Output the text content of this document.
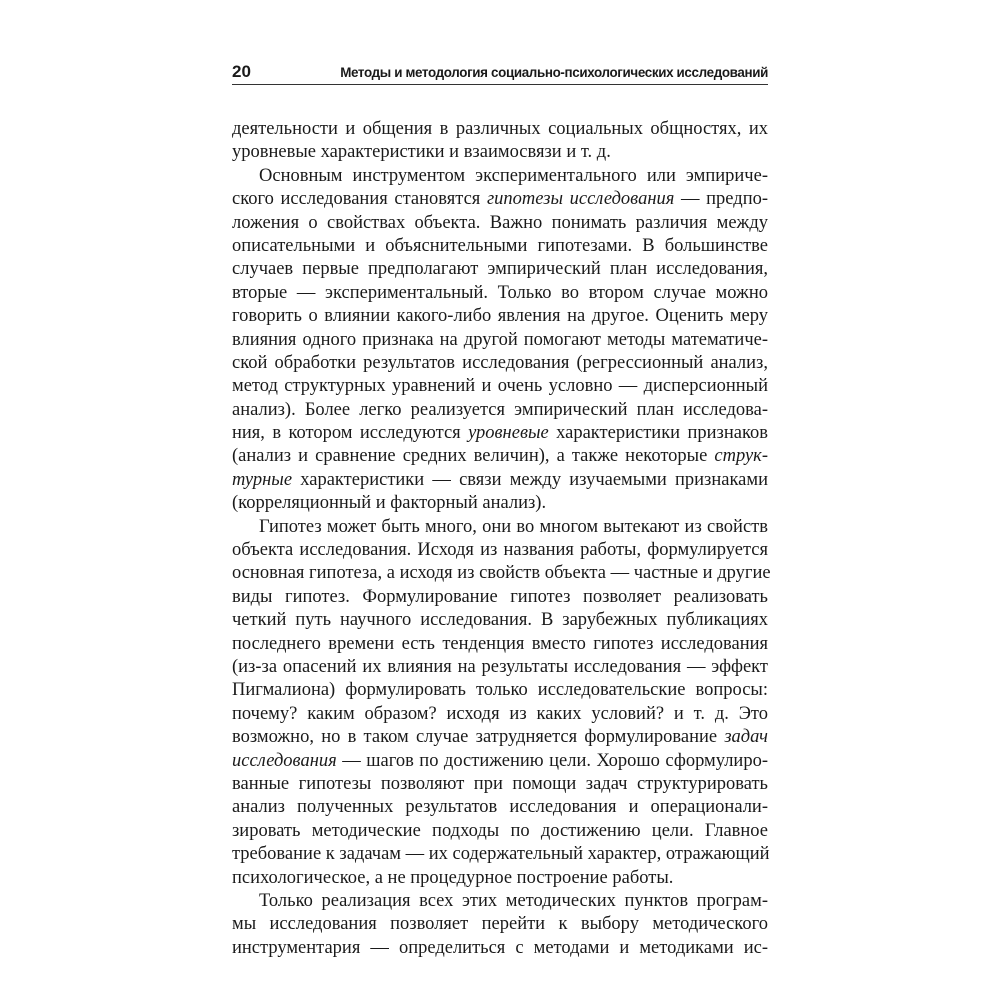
20	Методы и методология социально-психологических исследований
деятельности и общения в различных социальных общностях, их
уровневые характеристики и взаимосвязи и т. д.
Основным инструментом экспериментального или эмпириче-
ского исследования становятся гипотезы исследования — предпо-
ложения о свойствах объекта. Важно понимать различия между
описательными и объяснительными гипотезами. В большинстве
случаев первые предполагают эмпирический план исследования,
вторые — экспериментальный. Только во втором случае можно
говорить о влиянии какого-либо явления на другое. Оценить меру
влияния одного признака на другой помогают методы математиче-
ской обработки результатов исследования (регрессионный анализ,
метод структурных уравнений и очень условно — дисперсионный
анализ). Более легко реализуется эмпирический план исследова-
ния, в котором исследуются уровневые характеристики признаков
(анализ и сравнение средних величин), а также некоторые струк-
турные характеристики — связи между изучаемыми признаками
(корреляционный и факторный анализ).
Гипотез может быть много, они во многом вытекают из свойств
объекта исследования. Исходя из названия работы, формулируется
основная гипотеза, а исходя из свойств объекта — частные и другие
виды гипотез. Формулирование гипотез позволяет реализовать
четкий путь научного исследования. В зарубежных публикациях
последнего времени есть тенденция вместо гипотез исследования
(из-за опасений их влияния на результаты исследования — эффект
Пигмалиона) формулировать только исследовательские вопросы:
почему? каким образом? исходя из каких условий? и т. д. Это
возможно, но в таком случае затрудняется формулирование задач
исследования — шагов по достижению цели. Хорошо сформулиро-
ванные гипотезы позволяют при помощи задач структурировать
анализ полученных результатов исследования и операционали-
зировать методические подходы по достижению цели. Главное
требование к задачам — их содержательный характер, отражающий
психологическое, а не процедурное построение работы.
Только реализация всех этих методических пунктов програм-
мы исследования позволяет перейти к выбору методического
инструментария — определиться с методами и методиками ис-
